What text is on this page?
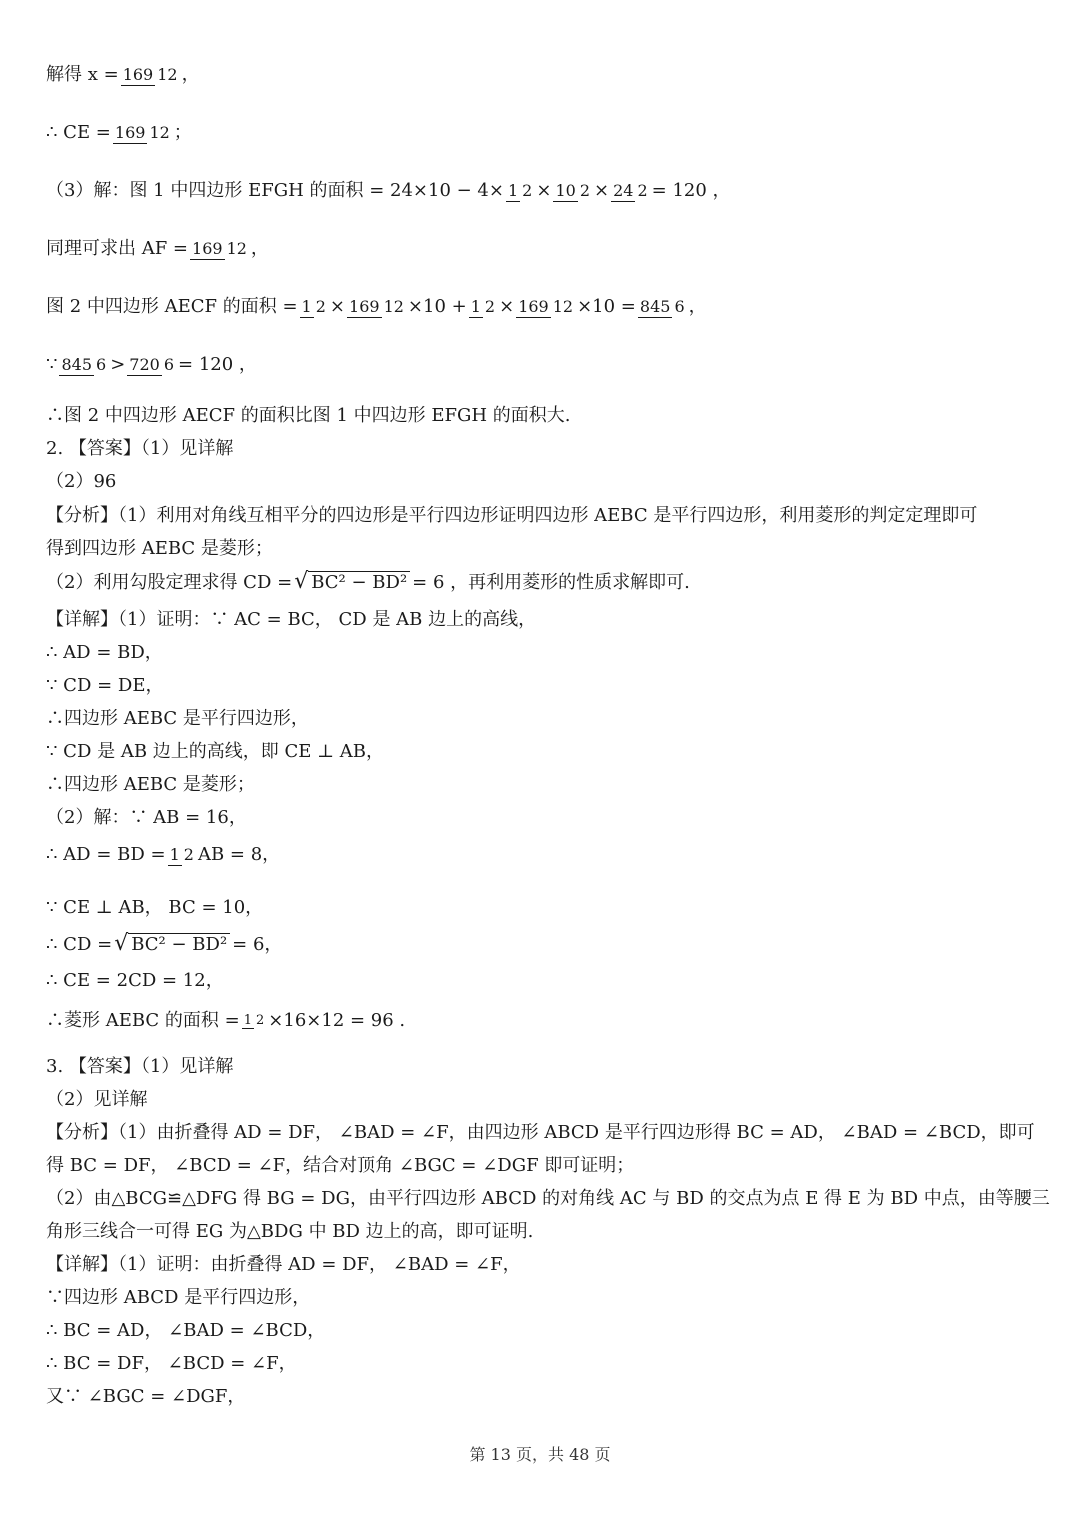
解得 x = 169 12 ，
∴ CE = 169 12 ；
（3）解：图 1 中四边形 EFGH 的面积 = 24×10 − 4× 1 2 × 10 2 × 24 2 = 120 ，
同理可求出 AF = 169 12 ，
图 2 中四边形 AECF 的面积 = 1 2 × 169 12 ×10 + 1 2 × 169 12 ×10 = 845 6 ，
∵ 845 6 > 720 6 = 120 ，
∴图 2 中四边形 AECF 的面积比图 1 中四边形 EFGH 的面积大.
2. 【答案】（1）见详解
（2）96
【分析】（1）利用对角线互相平分的四边形是平行四边形证明四边形 AEBC 是平行四边形，利用菱形的判定定理即可
得到四边形 AEBC 是菱形；
（2）利用勾股定理求得 CD = √ BC² − BD² = 6 ，再利用菱形的性质求解即可.
【详解】（1）证明：∵ AC = BC， CD 是 AB 边上的高线，
∴ AD = BD，
∵ CD = DE，
∴四边形 AEBC 是平行四边形，
∵ CD 是 AB 边上的高线，即 CE ⊥ AB，
∴四边形 AEBC 是菱形；
（2）解：∵ AB = 16，
∴ AD = BD = 1 2 AB = 8，
∵ CE ⊥ AB， BC = 10，
∴ CD = √ BC² − BD² = 6，
∴ CE = 2CD = 12，
∴菱形 AEBC 的面积 = 1 2 ×16×12 = 96 .
3. 【答案】（1）见详解
（2）见详解
【分析】（1）由折叠得 AD = DF， ∠BAD = ∠F，由四边形 ABCD 是平行四边形得 BC = AD， ∠BAD = ∠BCD，即可
得 BC = DF， ∠BCD = ∠F，结合对顶角 ∠BGC = ∠DGF 即可证明；
（2）由△BCG≌△DFG 得 BG = DG，由平行四边形 ABCD 的对角线 AC 与 BD 的交点为点 E 得 E 为 BD 中点，由等腰三
角形三线合一可得 EG 为△BDG 中 BD 边上的高，即可证明.
【详解】（1）证明：由折叠得 AD = DF， ∠BAD = ∠F，
∵四边形 ABCD 是平行四边形，
∴ BC = AD， ∠BAD = ∠BCD，
∴ BC = DF， ∠BCD = ∠F，
又∵ ∠BGC = ∠DGF，
第 13 页，共 48 页
